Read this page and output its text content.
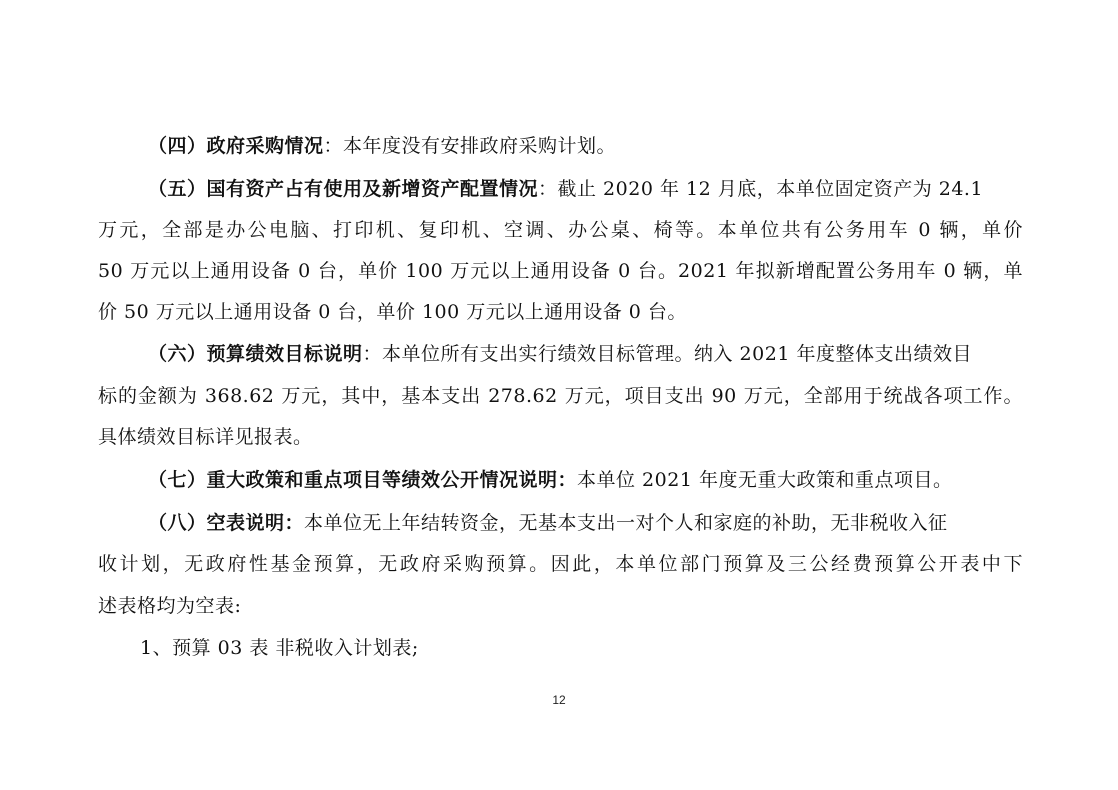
（四）政府采购情况：本年度没有安排政府采购计划。
（五）国有资产占有使用及新增资产配置情况：截止 2020 年 12 月底，本单位固定资产为 24.1
万元，全部是办公电脑、打印机、复印机、空调、办公桌、椅等。本单位共有公务用车 0 辆，单价
50 万元以上通用设备 0 台，单价 100 万元以上通用设备 0 台。2021 年拟新增配置公务用车 0 辆，单
价 50 万元以上通用设备 0 台，单价 100 万元以上通用设备 0 台。
（六）预算绩效目标说明：本单位所有支出实行绩效目标管理。纳入 2021 年度整体支出绩效目
标的金额为 368.62 万元，其中，基本支出 278.62 万元，项目支出 90 万元，全部用于统战各项工作。
具体绩效目标详见报表。
（七）重大政策和重点项目等绩效公开情况说明：本单位 2021 年度无重大政策和重点项目。
（八）空表说明：本单位无上年结转资金，无基本支出一对个人和家庭的补助，无非税收入征
收计划，无政府性基金预算，无政府采购预算。因此，本单位部门预算及三公经费预算公开表中下
述表格均为空表:
1、预算 03 表 非税收入计划表;
12
